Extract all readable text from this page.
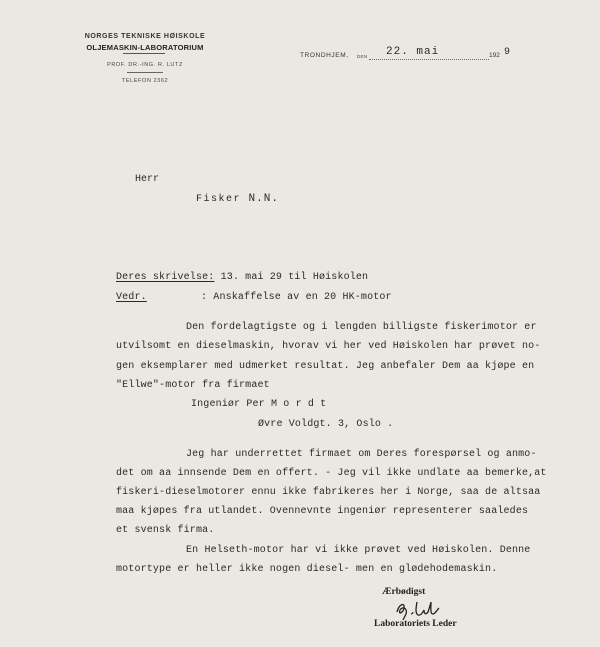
NORGES TEKNISKE HØISKOLE
OLJEMASKIN-LABORATORIUM
PROF. DR.-ING. R. LUTZ
TELEFON 2362
TRONDHJEM, DEN 22. mai	192 9
Herr
Fisker N.N.
Deres skrivelse: 13. mai 29 til Høiskolen
Vedr.	: Anskaffelse av en 20 HK-motor
Den fordelagtigste og i lengden billigste fiskerimotor er
utvilsomt en dieselmaskin, hvorav vi her ved Høiskolen har prøvet no-
gen eksemplarer med udmerket resultat. Jeg anbefaler Dem aa kjøpe en
"Ellwe"-motor fra firmaet
Ingeniør Per M o r d t
Øvre Voldgt. 3, Oslo .
Jeg har underrettet firmaet om Deres forespørsel og anmo-
det om aa innsende Dem en offert. - Jeg vil ikke undlate aa bemerke,at
fiskeri-dieselmotorer ennu ikke fabrikeres her i Norge, saa de altsaa
maa kjøpes fra utlandet. Ovennevnte ingeniør representerer saaledes
et svensk firma.
En Helseth-motor har vi ikke prøvet ved Høiskolen. Denne
motortype er heller ikke nogen diesel- men en glødehodemaskin.
Ærbødigst
R. Lutz
Laboratoriets Leder
